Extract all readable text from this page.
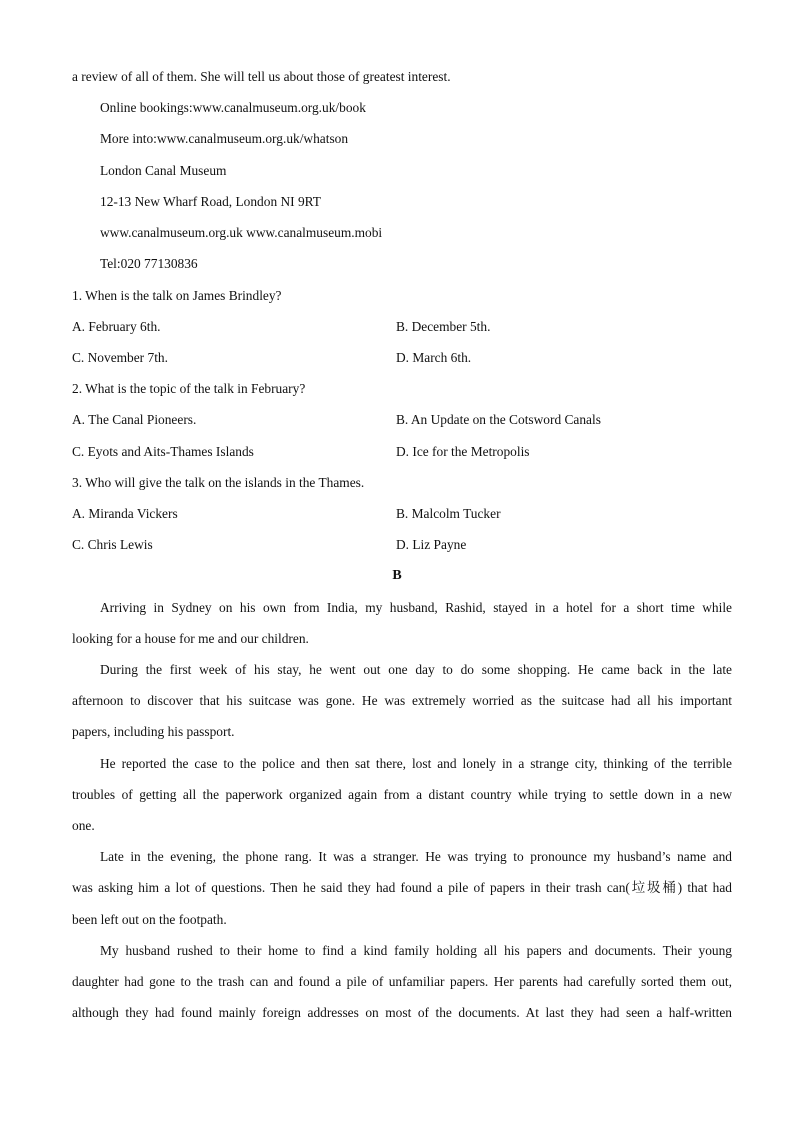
a review of all of them. She will tell us about those of greatest interest.
Online bookings:www.canalmuseum.org.uk/book
More into:www.canalmuseum.org.uk/whatson
London Canal Museum
12-13 New Wharf Road, London NI 9RT
www.canalmuseum.org.uk www.canalmuseum.mobi
Tel:020 77130836
1. When is the talk on James Brindley?
A. February 6th.	B. December 5th.
C. November 7th.	D. March 6th.
2. What is the topic of the talk in February?
A. The Canal Pioneers.	B. An Update on the Cotsword Canals
C. Eyots and Aits-Thames Islands	D. Ice for the Metropolis
3. Who will give the talk on the islands in the Thames.
A. Miranda Vickers	B. Malcolm Tucker
C. Chris Lewis	D. Liz Payne
B
Arriving in Sydney on his own from India, my husband, Rashid, stayed in a hotel for a short time while
looking for a house for me and our children.
During the first week of his stay, he went out one day to do some shopping. He came back in the late
afternoon to discover that his suitcase was gone. He was extremely worried as the suitcase had all his important
papers, including his passport.
He reported the case to the police and then sat there, lost and lonely in a strange city, thinking of the terrible
troubles of getting all the paperwork organized again from a distant country while trying to settle down in a new
one.
Late in the evening, the phone rang. It was a stranger. He was trying to pronounce my husband’s name and
was asking him a lot of questions. Then he said they had found a pile of papers in their trash can(垃圾桶) that had
been left out on the footpath.
My husband rushed to their home to find a kind family holding all his papers and documents. Their young
daughter had gone to the trash can and found a pile of unfamiliar papers. Her parents had carefully sorted them out,
although they had found mainly foreign addresses on most of the documents. At last they had seen a half-written
